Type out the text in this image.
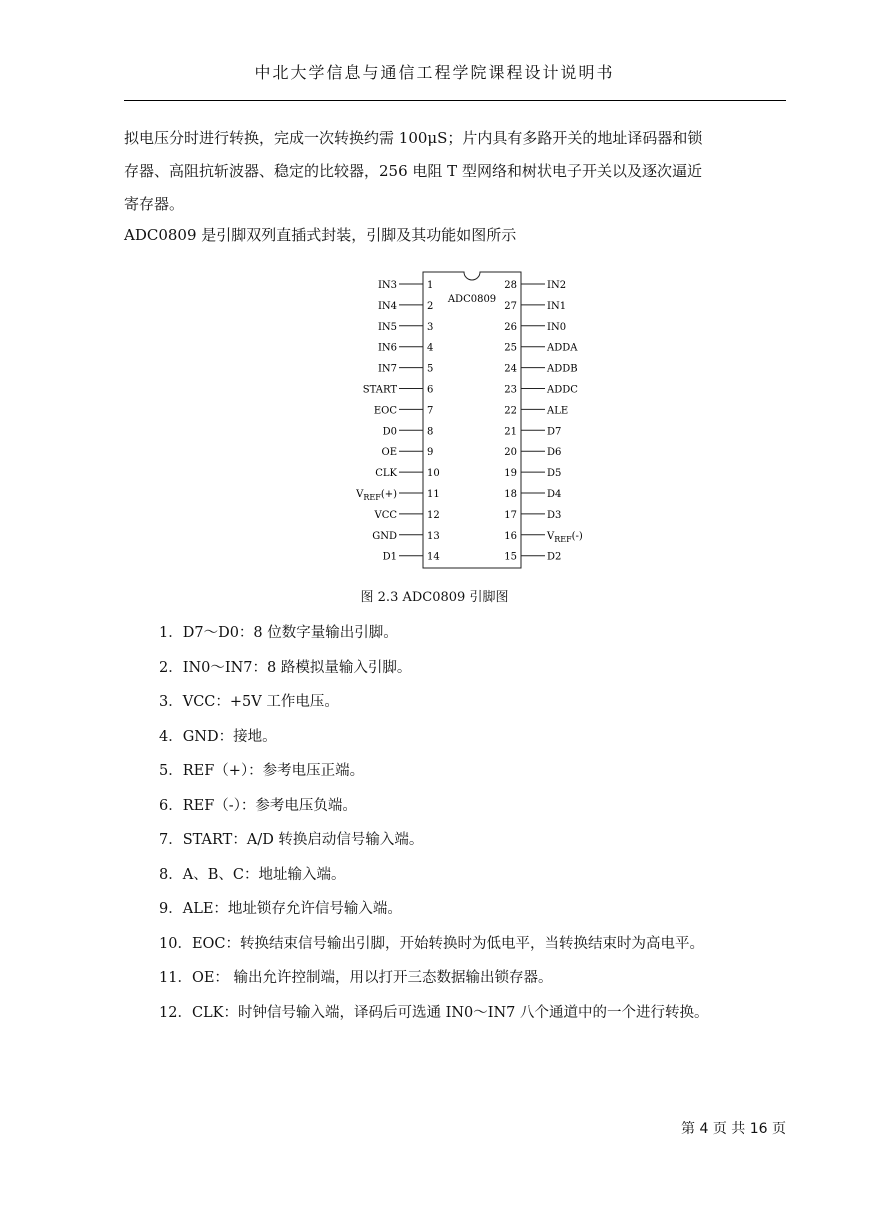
中北大学信息与通信工程学院课程设计说明书
拟电压分时进行转换，完成一次转换约需 100μS；片内具有多路开关的地址译码器和锁
存器、高阻抗斩波器、稳定的比较器，256 电阻 T 型网络和树状电子开关以及逐次逼近
寄存器。
ADC0809 是引脚双列直插式封装，引脚及其功能如图所示
ADC0809
1
IN3
2
IN4
3
IN5
4
IN6
5
IN7
6
START
7
EOC
8
D0
9
OE
10
CLK
11
$V_{REF}(+)$
12
VCC
13
GND
14
D1
28	IN2
27	IN1
26	IN0
25	ADDA
24	ADDB
23	ADDC
22	ALE
21	D7
20	D6
19	D5
18	D4
17	D3
16	$V_{REF}(-)$
15	D2
图 2.3 ADC0809 引脚图
1．D7～D0：8 位数字量输出引脚。
2．IN0～IN7：8 路模拟量输入引脚。
3．VCC：+5V 工作电压。
4．GND：接地。
5．REF（+）：参考电压正端。
6．REF（-）：参考电压负端。
7．START：A/D 转换启动信号输入端。
8．A、B、C：地址输入端。
9．ALE：地址锁存允许信号输入端。
10．EOC：转换结束信号输出引脚，开始转换时为低电平，当转换结束时为高电平。
11．OE： 输出允许控制端，用以打开三态数据输出锁存器。
12．CLK：时钟信号输入端，译码后可选通 IN0～IN7 八个通道中的一个进行转换。
第 4 页 共 16 页
